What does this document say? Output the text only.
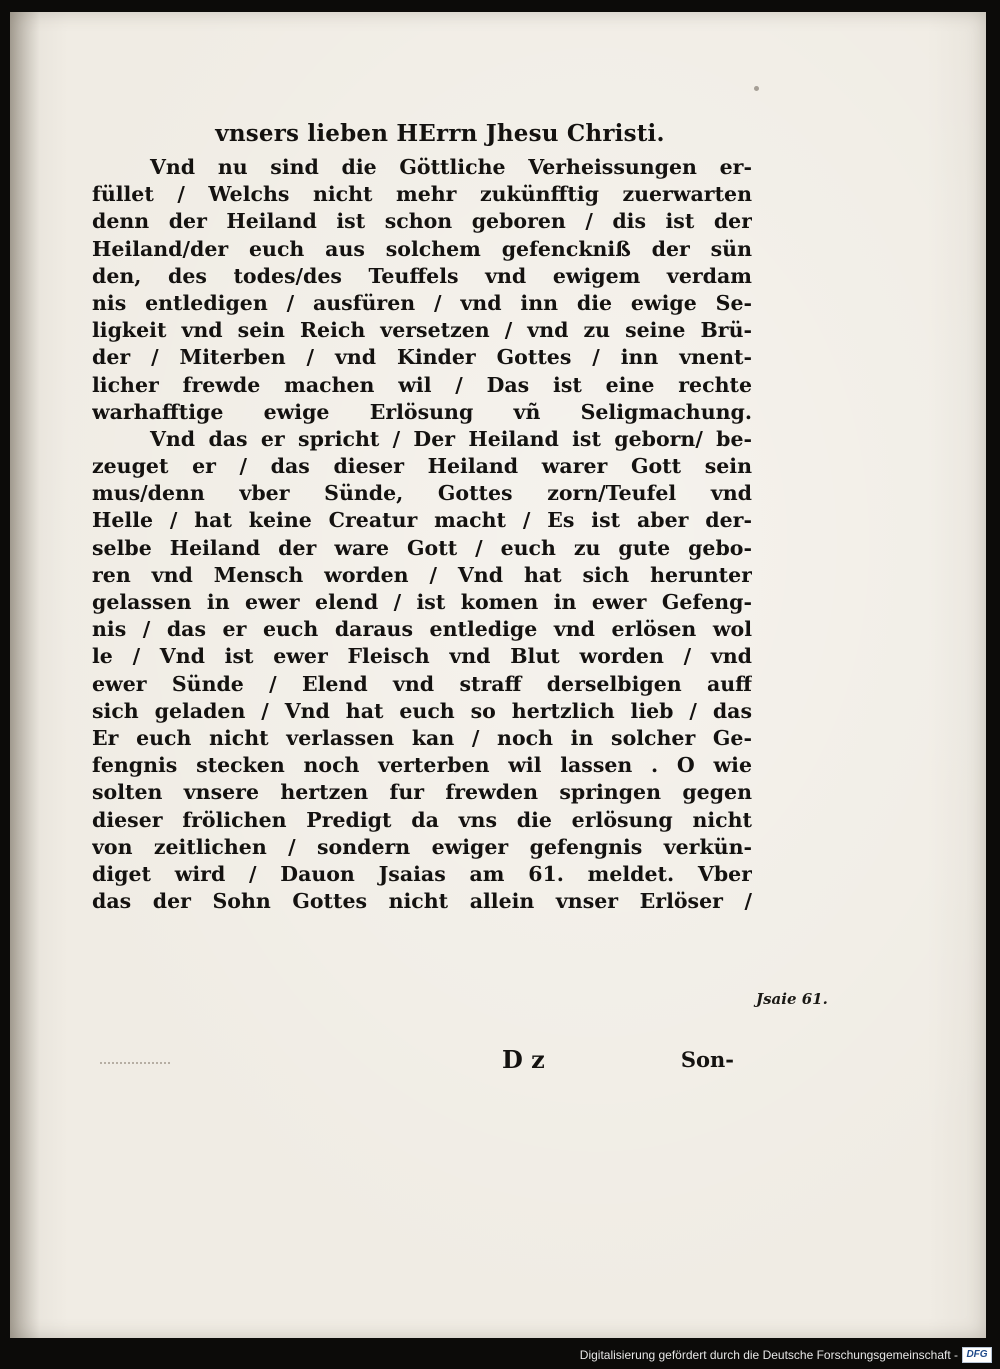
vnsers lieben HErrn Jhesu Christi.
Vnd nu sind die Göttliche Verheissungen er-
füllet / Welchs nicht mehr zukünfftig zuerwarten
denn der Heiland ist schon geboren / dis ist der
Heiland/der euch aus solchem gefenckniß der sün
den, des todes/des Teuffels vnd ewigem verdam
nis entledigen / ausfüren / vnd inn die ewige Se-
ligkeit vnd sein Reich versetzen / vnd zu seine Brü-
der / Miterben / vnd Kinder Gottes / inn vnent-
licher frewde machen wil / Das ist eine rechte
warhafftige ewige Erlösung vñ Seligmachung.
Vnd das er spricht / Der Heiland ist geborn/ be-
zeuget er / das dieser Heiland warer Gott sein
mus/denn vber Sünde, Gottes zorn/Teufel vnd
Helle / hat keine Creatur macht / Es ist aber der-
selbe Heiland der ware Gott / euch zu gute gebo-
ren vnd Mensch worden / Vnd hat sich herunter
gelassen in ewer elend / ist komen in ewer Gefeng-
nis / das er euch daraus entledige vnd erlösen wol
le / Vnd ist ewer Fleisch vnd Blut worden / vnd
ewer Sünde / Elend vnd straff derselbigen auff
sich geladen / Vnd hat euch so hertzlich lieb / das
Er euch nicht verlassen kan / noch in solcher Ge-
fengnis stecken noch verterben wil lassen . O wie
solten vnsere hertzen fur frewden springen gegen
dieser frölichen Predigt da vns die erlösung nicht
von zeitlichen / sondern ewiger gefengnis verkün-
diget wird / Dauon Jsaias am 61. meldet. Vber
das der Sohn Gottes nicht allein vnser Erlöser /
Jsaie 61.
D z	Son-
Digitalisierung gefördert durch die Deutsche Forschungsgemeinschaft - DFG
